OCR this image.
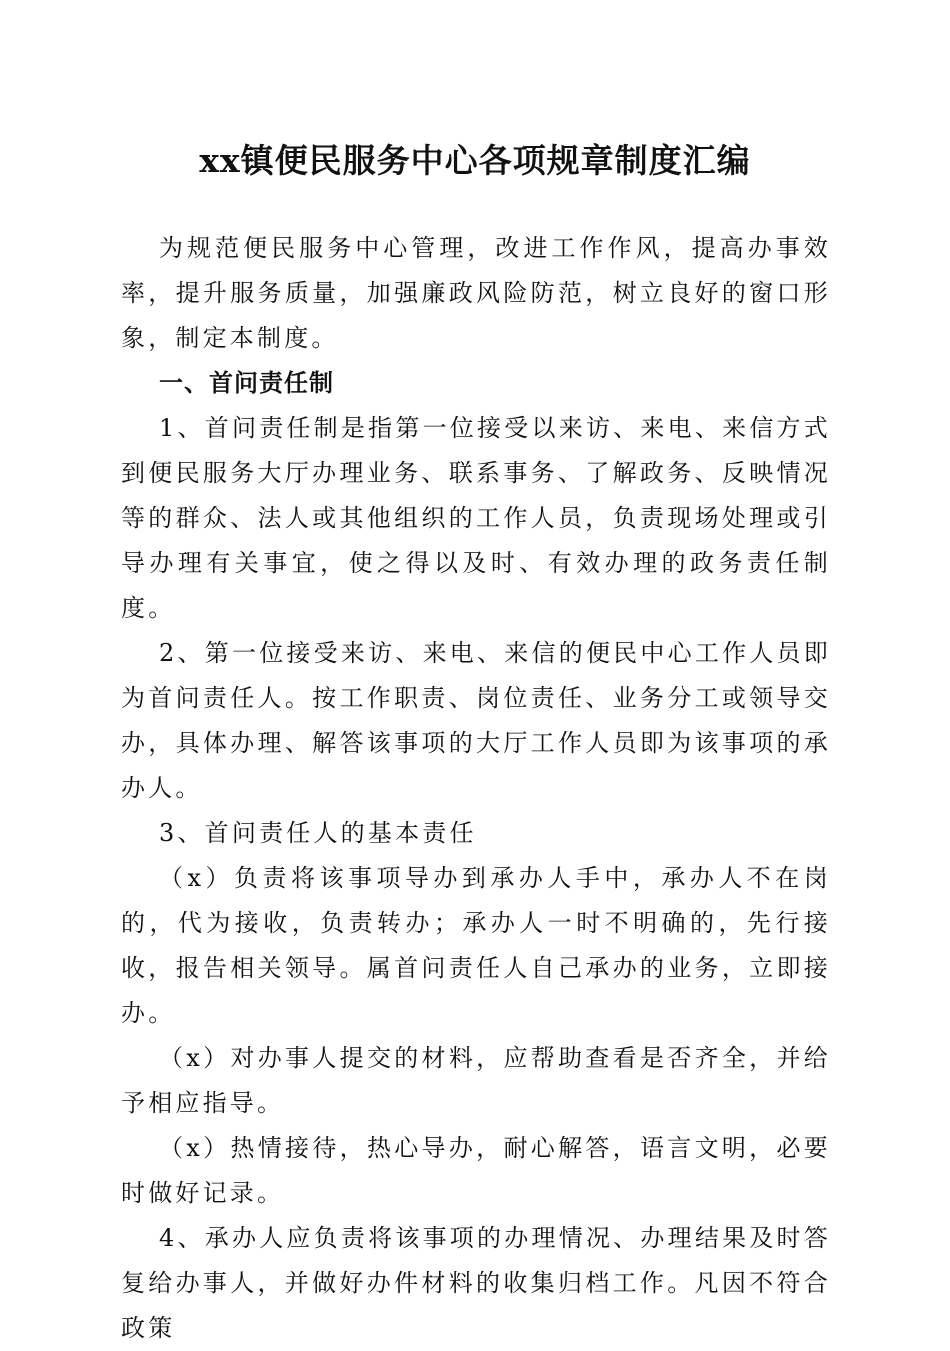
xx镇便民服务中心各项规章制度汇编

为规范便民服务中心管理，改进工作作风，提高办事效率，提升服务质量，加强廉政风险防范，树立良好的窗口形象，制定本制度。

一、首问责任制

1、首问责任制是指第一位接受以来访、来电、来信方式到便民服务大厅办理业务、联系事务、了解政务、反映情况等的群众、法人或其他组织的工作人员，负责现场处理或引导办理有关事宜，使之得以及时、有效办理的政务责任制度。

2、第一位接受来访、来电、来信的便民中心工作人员即为首问责任人。按工作职责、岗位责任、业务分工或领导交办，具体办理、解答该事项的大厅工作人员即为该事项的承办人。

3、首问责任人的基本责任

（x）负责将该事项导办到承办人手中，承办人不在岗的，代为接收，负责转办；承办人一时不明确的，先行接收，报告相关领导。属首问责任人自己承办的业务，立即接办。

（x）对办事人提交的材料，应帮助查看是否齐全，并给予相应指导。

（x）热情接待，热心导办，耐心解答，语言文明，必要时做好记录。

4、承办人应负责将该事项的办理情况、办理结果及时答复给办事人，并做好办件材料的收集归档工作。凡因不符合政策
